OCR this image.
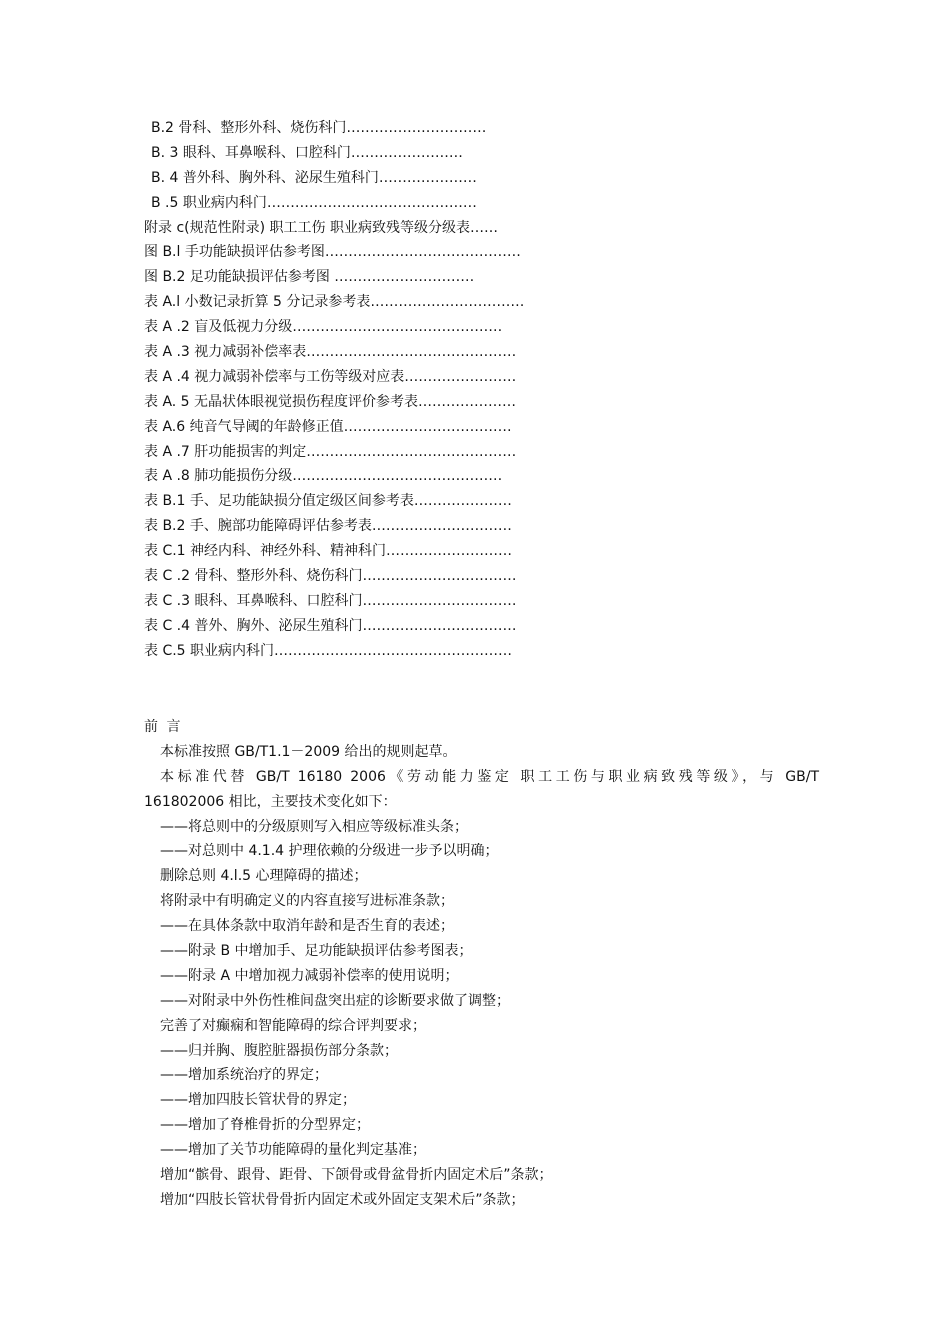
B.2 骨科、整形外科、烧伤科门…………………………
B. 3 眼科、耳鼻喉科、口腔科门……………………
B. 4 普外科、胸外科、泌尿生殖科门…………………
B .5 职业病内科门………………………………………
附录 c(规范性附录) 职工工伤 职业病致残等级分级表……
图 B.l 手功能缺损评估参考图……………………………………
图 B.2 足功能缺损评估参考图 …………………………
表 A.l 小数记录折算 5 分记录参考表……………………………
表 A .2 盲及低视力分级………………………………………
表 A .3 视力减弱补偿率表………………………………………
表 A .4 视力减弱补偿率与工伤等级对应表……………………
表 A. 5 无晶状体眼视觉损伤程度评价参考表…………………
表 A.6 纯音气导阈的年龄修正值………………………………
表 A .7 肝功能损害的判定………………………………………
表 A .8 肺功能损伤分级………………………………………
表 B.1 手、足功能缺损分值定级区间参考表…………………
表 B.2 手、腕部功能障碍评估参考表…………………………
表 C.1 神经内科、神经外科、精神科门………………………
表 C .2 骨科、整形外科、烧伤科门……………………………
表 C .3 眼科、耳鼻喉科、口腔科门……………………………
表 C .4 普外、胸外、泌尿生殖科门……………………………
表 C.5 职业病内科门……………………………………………
前 言
本标准按照 GB/T1.1－2009 给出的规则起草。
本标准代替 GB/T 16180 2006《劳动能力鉴定 职工工伤与职业病致残等级》，与 GB/T
161802006 相比，主要技术变化如下：
——将总则中的分级原则写入相应等级标准头条；
——对总则中 4.1.4 护理依赖的分级进一步予以明确；
删除总则 4.l.5 心理障碍的描述；
将附录中有明确定义的内容直接写进标准条款；
——在具体条款中取消年龄和是否生育的表述；
——附录 B 中增加手、足功能缺损评估参考图表；
——附录 A 中增加视力减弱补偿率的使用说明；
——对附录中外伤性椎间盘突出症的诊断要求做了调整；
完善了对癫痫和智能障碍的综合评判要求；
——归并胸、腹腔脏器损伤部分条款；
——增加系统治疗的界定；
——增加四肢长管状骨的界定；
——增加了脊椎骨折的分型界定；
——增加了关节功能障碍的量化判定基准；
增加“髌骨、跟骨、距骨、下颌骨或骨盆骨折内固定术后”条款；
增加“四肢长管状骨骨折内固定术或外固定支架术后”条款；
